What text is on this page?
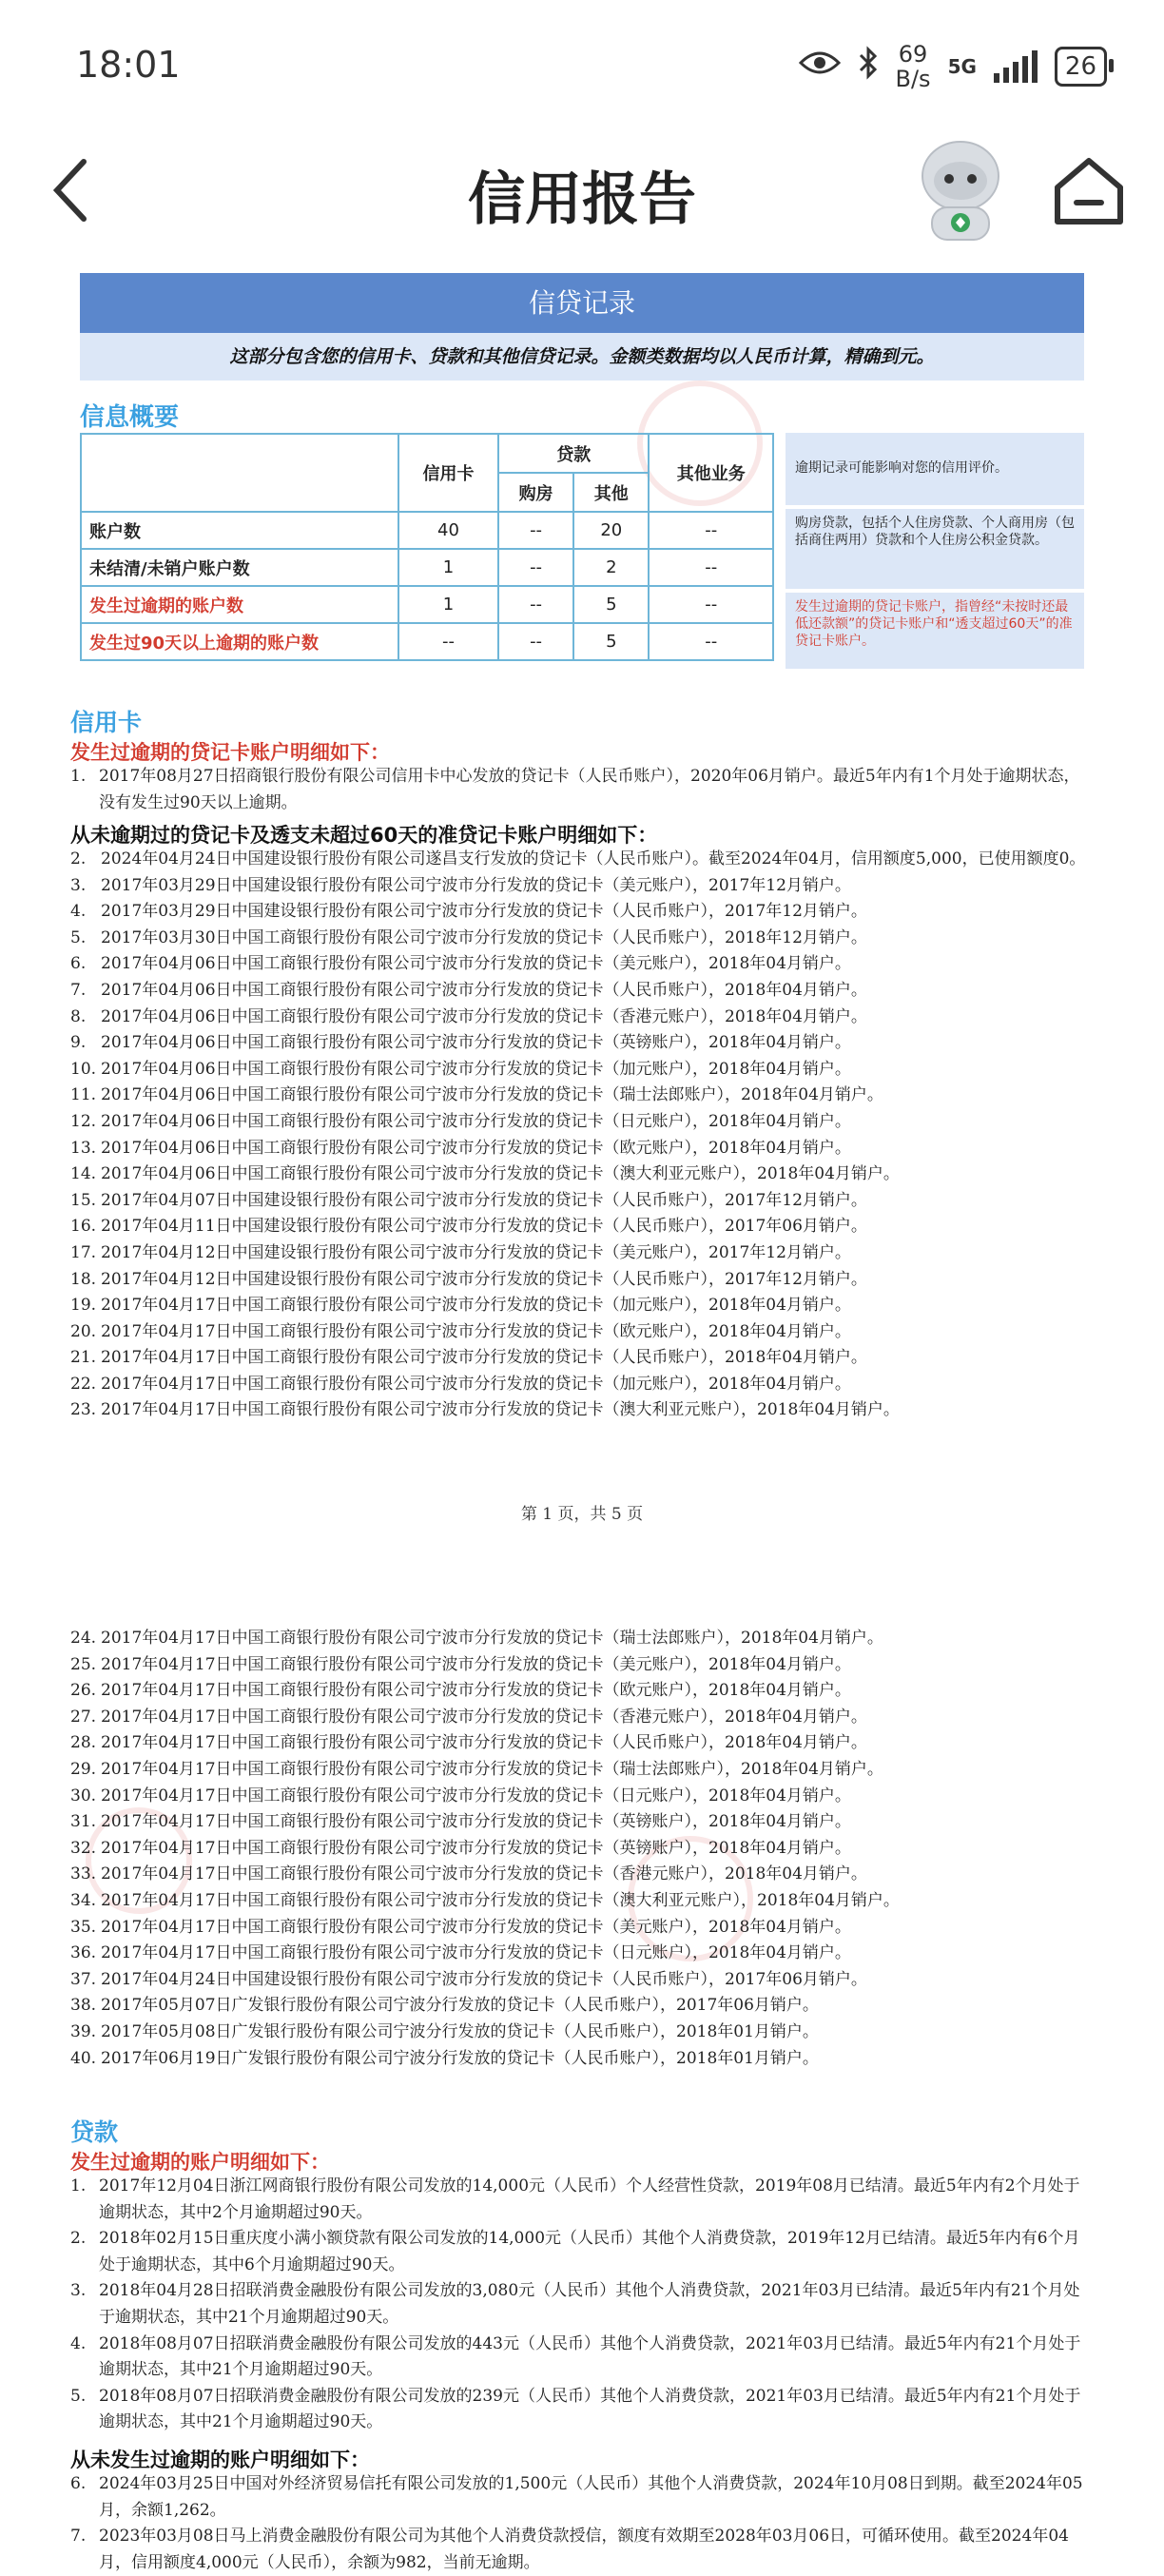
18:01	69
B/s 5G	26
信用报告
信贷记录
这部分包含您的信用卡、贷款和其他信贷记录。金额类数据均以人民币计算，精确到元。
信息概要
	信用卡	贷款		其他业务
		购房	其他	
账户数	40	--	20	--
未结清/未销户账户数	1	--	2	--
发生过逾期的账户数	1	--	5	--
发生过90天以上逾期的账户数	--	--	5	--
逾期记录可能影响对您的信用评价。
购房贷款，包括个人住房贷款、个人商用房（包括商住两用）贷款和个人住房公积金贷款。
发生过逾期的贷记卡账户，指曾经“未按时还最低还款额”的贷记卡账户和“透支超过60天”的准贷记卡账户。
信用卡
发生过逾期的贷记卡账户明细如下：
1. 2017年08月27日招商银行股份有限公司信用卡中心发放的贷记卡（人民币账户），2020年06月销户。最近5年内有1个月处于逾期状态，没有发生过90天以上逾期。
从未逾期过的贷记卡及透支未超过60天的准贷记卡账户明细如下：
2. 2024年04月24日中国建设银行股份有限公司遂昌支行发放的贷记卡（人民币账户）。截至2024年04月，信用额度5,000，已使用额度0。
3. 2017年03月29日中国建设银行股份有限公司宁波市分行发放的贷记卡（美元账户），2017年12月销户。
4. 2017年03月29日中国建设银行股份有限公司宁波市分行发放的贷记卡（人民币账户），2017年12月销户。
5. 2017年03月30日中国工商银行股份有限公司宁波市分行发放的贷记卡（人民币账户），2018年12月销户。
6. 2017年04月06日中国工商银行股份有限公司宁波市分行发放的贷记卡（美元账户），2018年04月销户。
7. 2017年04月06日中国工商银行股份有限公司宁波市分行发放的贷记卡（人民币账户），2018年04月销户。
8. 2017年04月06日中国工商银行股份有限公司宁波市分行发放的贷记卡（香港元账户），2018年04月销户。
9. 2017年04月06日中国工商银行股份有限公司宁波市分行发放的贷记卡（英镑账户），2018年04月销户。
10. 2017年04月06日中国工商银行股份有限公司宁波市分行发放的贷记卡（加元账户），2018年04月销户。
11. 2017年04月06日中国工商银行股份有限公司宁波市分行发放的贷记卡（瑞士法郎账户），2018年04月销户。
12. 2017年04月06日中国工商银行股份有限公司宁波市分行发放的贷记卡（日元账户），2018年04月销户。
13. 2017年04月06日中国工商银行股份有限公司宁波市分行发放的贷记卡（欧元账户），2018年04月销户。
14. 2017年04月06日中国工商银行股份有限公司宁波市分行发放的贷记卡（澳大利亚元账户），2018年04月销户。
15. 2017年04月07日中国建设银行股份有限公司宁波市分行发放的贷记卡（人民币账户），2017年12月销户。
16. 2017年04月11日中国建设银行股份有限公司宁波市分行发放的贷记卡（人民币账户），2017年06月销户。
17. 2017年04月12日中国建设银行股份有限公司宁波市分行发放的贷记卡（美元账户），2017年12月销户。
18. 2017年04月12日中国建设银行股份有限公司宁波市分行发放的贷记卡（人民币账户），2017年12月销户。
19. 2017年04月17日中国工商银行股份有限公司宁波市分行发放的贷记卡（加元账户），2018年04月销户。
20. 2017年04月17日中国工商银行股份有限公司宁波市分行发放的贷记卡（欧元账户），2018年04月销户。
21. 2017年04月17日中国工商银行股份有限公司宁波市分行发放的贷记卡（人民币账户），2018年04月销户。
22. 2017年04月17日中国工商银行股份有限公司宁波市分行发放的贷记卡（加元账户），2018年04月销户。
23. 2017年04月17日中国工商银行股份有限公司宁波市分行发放的贷记卡（澳大利亚元账户），2018年04月销户。
第 1 页，共 5 页
24. 2017年04月17日中国工商银行股份有限公司宁波市分行发放的贷记卡（瑞士法郎账户），2018年04月销户。
25. 2017年04月17日中国工商银行股份有限公司宁波市分行发放的贷记卡（美元账户），2018年04月销户。
26. 2017年04月17日中国工商银行股份有限公司宁波市分行发放的贷记卡（欧元账户），2018年04月销户。
27. 2017年04月17日中国工商银行股份有限公司宁波市分行发放的贷记卡（香港元账户），2018年04月销户。
28. 2017年04月17日中国工商银行股份有限公司宁波市分行发放的贷记卡（人民币账户），2018年04月销户。
29. 2017年04月17日中国工商银行股份有限公司宁波市分行发放的贷记卡（瑞士法郎账户），2018年04月销户。
30. 2017年04月17日中国工商银行股份有限公司宁波市分行发放的贷记卡（日元账户），2018年04月销户。
31. 2017年04月17日中国工商银行股份有限公司宁波市分行发放的贷记卡（英镑账户），2018年04月销户。
32. 2017年04月17日中国工商银行股份有限公司宁波市分行发放的贷记卡（英镑账户），2018年04月销户。
33. 2017年04月17日中国工商银行股份有限公司宁波市分行发放的贷记卡（香港元账户），2018年04月销户。
34. 2017年04月17日中国工商银行股份有限公司宁波市分行发放的贷记卡（澳大利亚元账户），2018年04月销户。
35. 2017年04月17日中国工商银行股份有限公司宁波市分行发放的贷记卡（美元账户），2018年04月销户。
36. 2017年04月17日中国工商银行股份有限公司宁波市分行发放的贷记卡（日元账户），2018年04月销户。
37. 2017年04月24日中国建设银行股份有限公司宁波市分行发放的贷记卡（人民币账户），2017年06月销户。
38. 2017年05月07日广发银行股份有限公司宁波分行发放的贷记卡（人民币账户），2017年06月销户。
39. 2017年05月08日广发银行股份有限公司宁波分行发放的贷记卡（人民币账户），2018年01月销户。
40. 2017年06月19日广发银行股份有限公司宁波分行发放的贷记卡（人民币账户），2018年01月销户。
贷款
发生过逾期的账户明细如下：
1. 2017年12月04日浙江网商银行股份有限公司发放的14,000元（人民币）个人经营性贷款，2019年08月已结清。最近5年内有2个月处于逾期状态，其中2个月逾期超过90天。
2. 2018年02月15日重庆度小满小额贷款有限公司发放的14,000元（人民币）其他个人消费贷款，2019年12月已结清。最近5年内有6个月处于逾期状态，其中6个月逾期超过90天。
3. 2018年04月28日招联消费金融股份有限公司发放的3,080元（人民币）其他个人消费贷款，2021年03月已结清。最近5年内有21个月处于逾期状态，其中21个月逾期超过90天。
4. 2018年08月07日招联消费金融股份有限公司发放的443元（人民币）其他个人消费贷款，2021年03月已结清。最近5年内有21个月处于逾期状态，其中21个月逾期超过90天。
5. 2018年08月07日招联消费金融股份有限公司发放的239元（人民币）其他个人消费贷款，2021年03月已结清。最近5年内有21个月处于逾期状态，其中21个月逾期超过90天。
从未发生过逾期的账户明细如下：
6. 2024年03月25日中国对外经济贸易信托有限公司发放的1,500元（人民币）其他个人消费贷款，2024年10月08日到期。截至2024年05月，余额1,262。
7. 2023年03月08日马上消费金融股份有限公司为其他个人消费贷款授信，额度有效期至2028年03月06日，可循环使用。截至2024年04月，信用额度4,000元（人民币），余额为982，当前无逾期。
